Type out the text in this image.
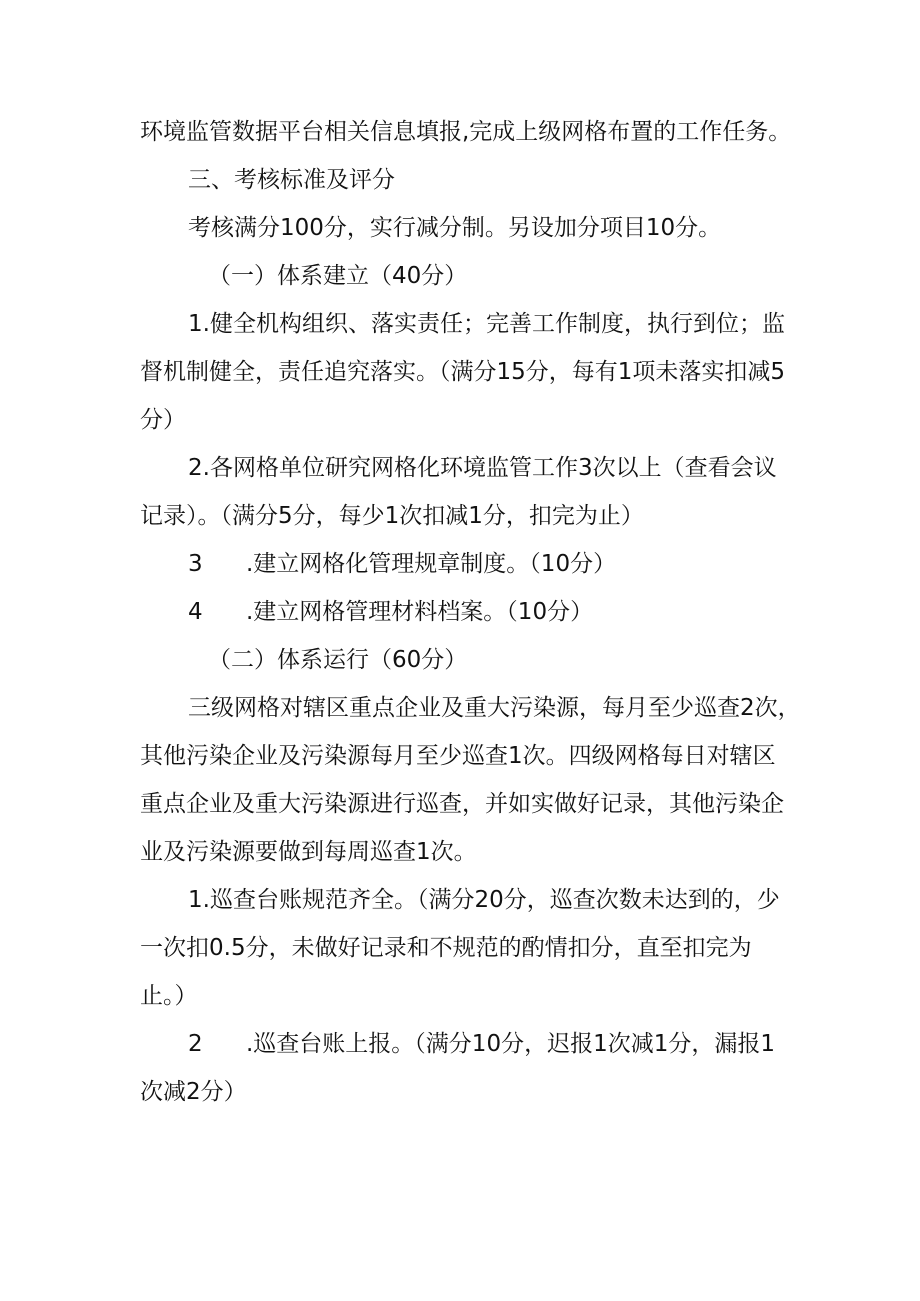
环境监管数据平台相关信息填报,完成上级网格布置的工作任务。
三、考核标准及评分
考核满分100分，实行减分制。另设加分项目10分。
（一）体系建立（40分）
1.健全机构组织、落实责任；完善工作制度，执行到位；监
督机制健全，责任追究落实。（满分15分，每有1项未落实扣减5
分）
2.各网格单位研究网格化环境监管工作3次以上（查看会议
记录）。（满分5分，每少1次扣减1分，扣完为止）
3 .建立网格化管理规章制度。（10分）
4 .建立网格管理材料档案。（10分）
（二）体系运行（60分）
三级网格对辖区重点企业及重大污染源，每月至少巡查2次，
其他污染企业及污染源每月至少巡查1次。四级网格每日对辖区
重点企业及重大污染源进行巡查，并如实做好记录，其他污染企
业及污染源要做到每周巡查1次。
1.巡查台账规范齐全。（满分20分，巡查次数未达到的，少
一次扣0.5分，未做好记录和不规范的酌情扣分，直至扣完为
止。）
2 .巡查台账上报。（满分10分，迟报1次减1分，漏报1
次减2分）
